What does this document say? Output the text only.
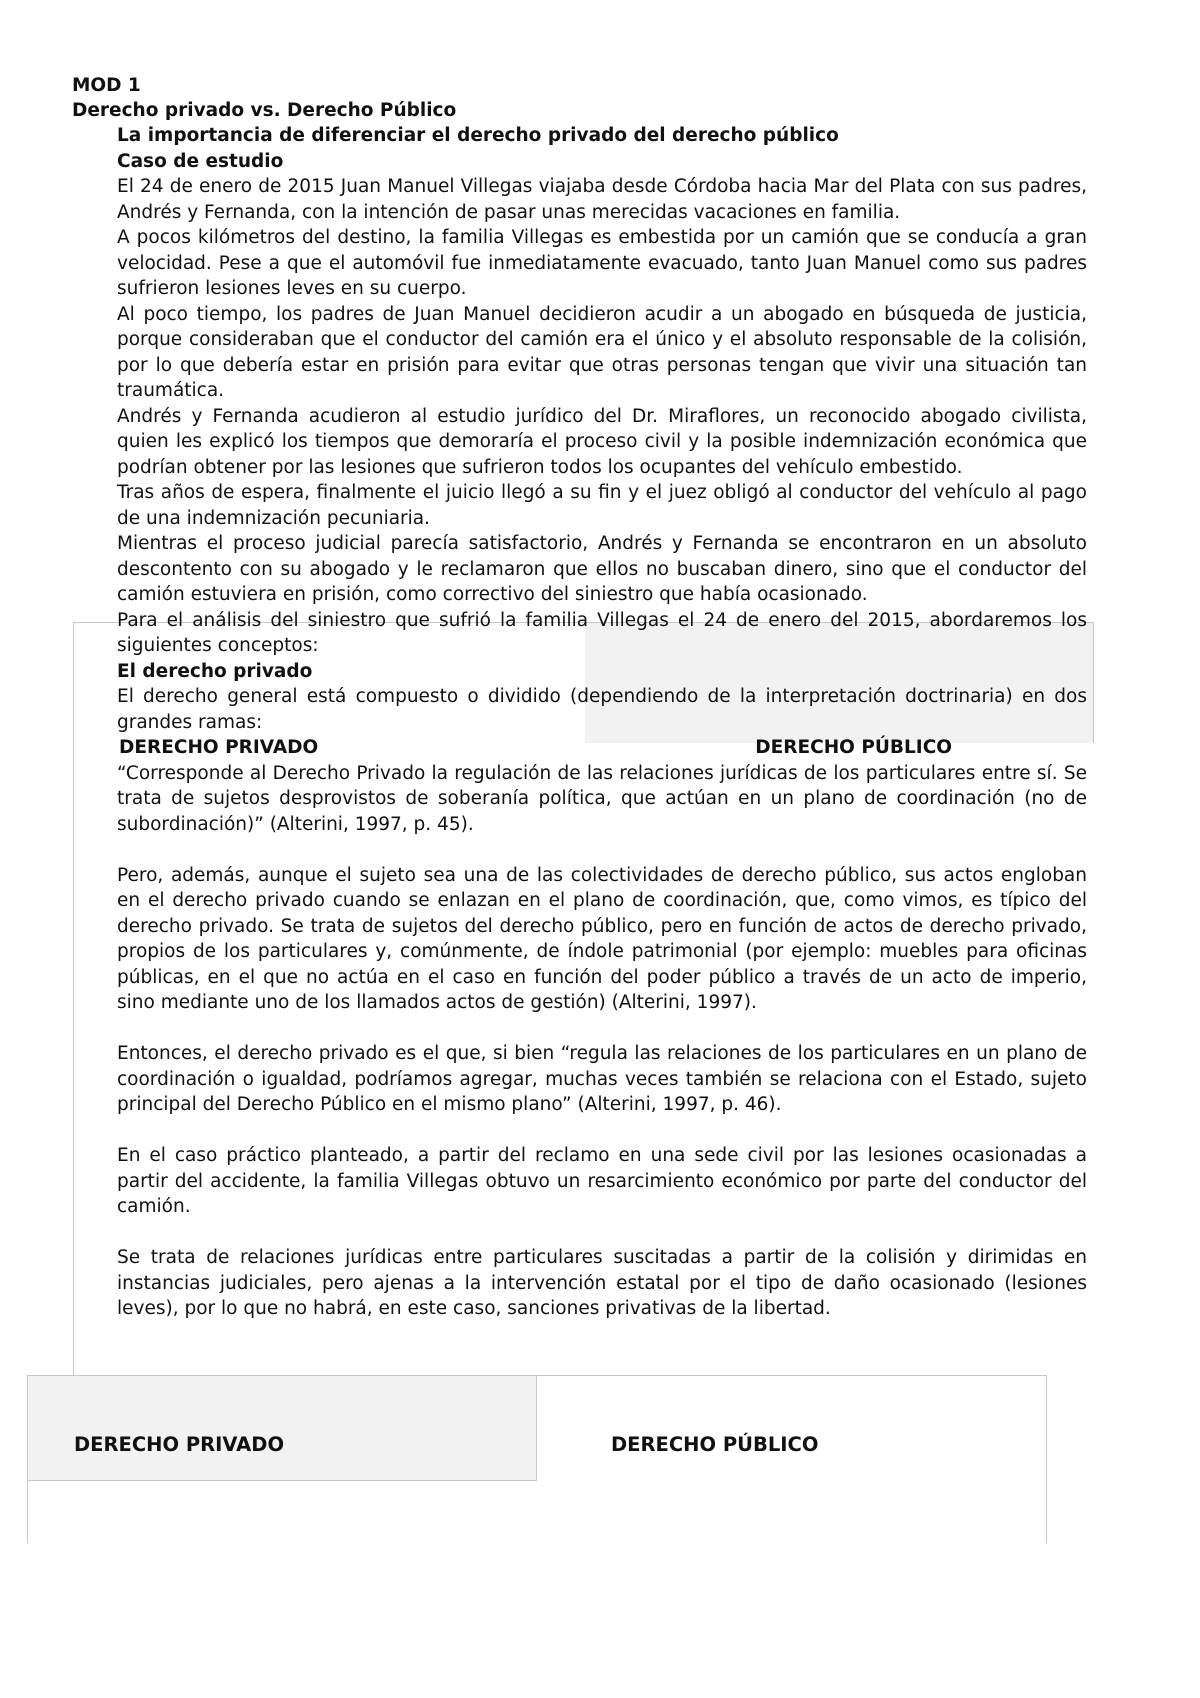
MOD 1

Derecho privado vs. Derecho Público

La importancia de diferenciar el derecho privado del derecho público

Caso de estudio

El 24 de enero de 2015 Juan Manuel Villegas viajaba desde Córdoba hacia Mar del Plata con sus padres, Andrés y Fernanda, con la intención de pasar unas merecidas vacaciones en familia.

A pocos kilómetros del destino, la familia Villegas es embestida por un camión que se conducía a gran velocidad. Pese a que el automóvil fue inmediatamente evacuado, tanto Juan Manuel como sus padres sufrieron lesiones leves en su cuerpo.

Al poco tiempo, los padres de Juan Manuel decidieron acudir a un abogado en búsqueda de justicia, porque consideraban que el conductor del camión era el único y el absoluto responsable de la colisión, por lo que debería estar en prisión para evitar que otras personas tengan que vivir una situación tan traumática.

Andrés y Fernanda acudieron al estudio jurídico del Dr. Miraflores, un reconocido abogado civilista, quien les explicó los tiempos que demoraría el proceso civil y la posible indemnización económica que podrían obtener por las lesiones que sufrieron todos los ocupantes del vehículo embestido.

Tras años de espera, finalmente el juicio llegó a su fin y el juez obligó al conductor del vehículo al pago de una indemnización pecuniaria.

Mientras el proceso judicial parecía satisfactorio, Andrés y Fernanda se encontraron en un absoluto descontento con su abogado y le reclamaron que ellos no buscaban dinero, sino que el conductor del camión estuviera en prisión, como correctivo del siniestro que había ocasionado.

Para el análisis del siniestro que sufrió la familia Villegas el 24 de enero del 2015, abordaremos los siguientes conceptos:

El derecho privado

El derecho general está compuesto o dividido (dependiendo de la interpretación doctrinaria) en dos grandes ramas:

DERECHO PRIVADO	DERECHO PÚBLICO

“Corresponde al Derecho Privado la regulación de las relaciones jurídicas de los particulares entre sí. Se trata de sujetos desprovistos de soberanía política, que actúan en un plano de coordinación (no de subordinación)” (Alterini, 1997, p. 45).

Pero, además, aunque el sujeto sea una de las colectividades de derecho público, sus actos engloban en el derecho privado cuando se enlazan en el plano de coordinación, que, como vimos, es típico del derecho privado. Se trata de sujetos del derecho público, pero en función de actos de derecho privado, propios de los particulares y, comúnmente, de índole patrimonial (por ejemplo: muebles para oficinas públicas, en el que no actúa en el caso en función del poder público a través de un acto de imperio, sino mediante uno de los llamados actos de gestión) (Alterini, 1997).

Entonces, el derecho privado es el que, si bien “regula las relaciones de los particulares en un plano de coordinación o igualdad, podríamos agregar, muchas veces también se relaciona con el Estado, sujeto principal del Derecho Público en el mismo plano” (Alterini, 1997, p. 46).

En el caso práctico planteado, a partir del reclamo en una sede civil por las lesiones ocasionadas a partir del accidente, la familia Villegas obtuvo un resarcimiento económico por parte del conductor del camión.

Se trata de relaciones jurídicas entre particulares suscitadas a partir de la colisión y dirimidas en instancias judiciales, pero ajenas a la intervención estatal por el tipo de daño ocasionado (lesiones leves), por lo que no habrá, en este caso, sanciones privativas de la libertad.

DERECHO PRIVADO	DERECHO PÚBLICO
